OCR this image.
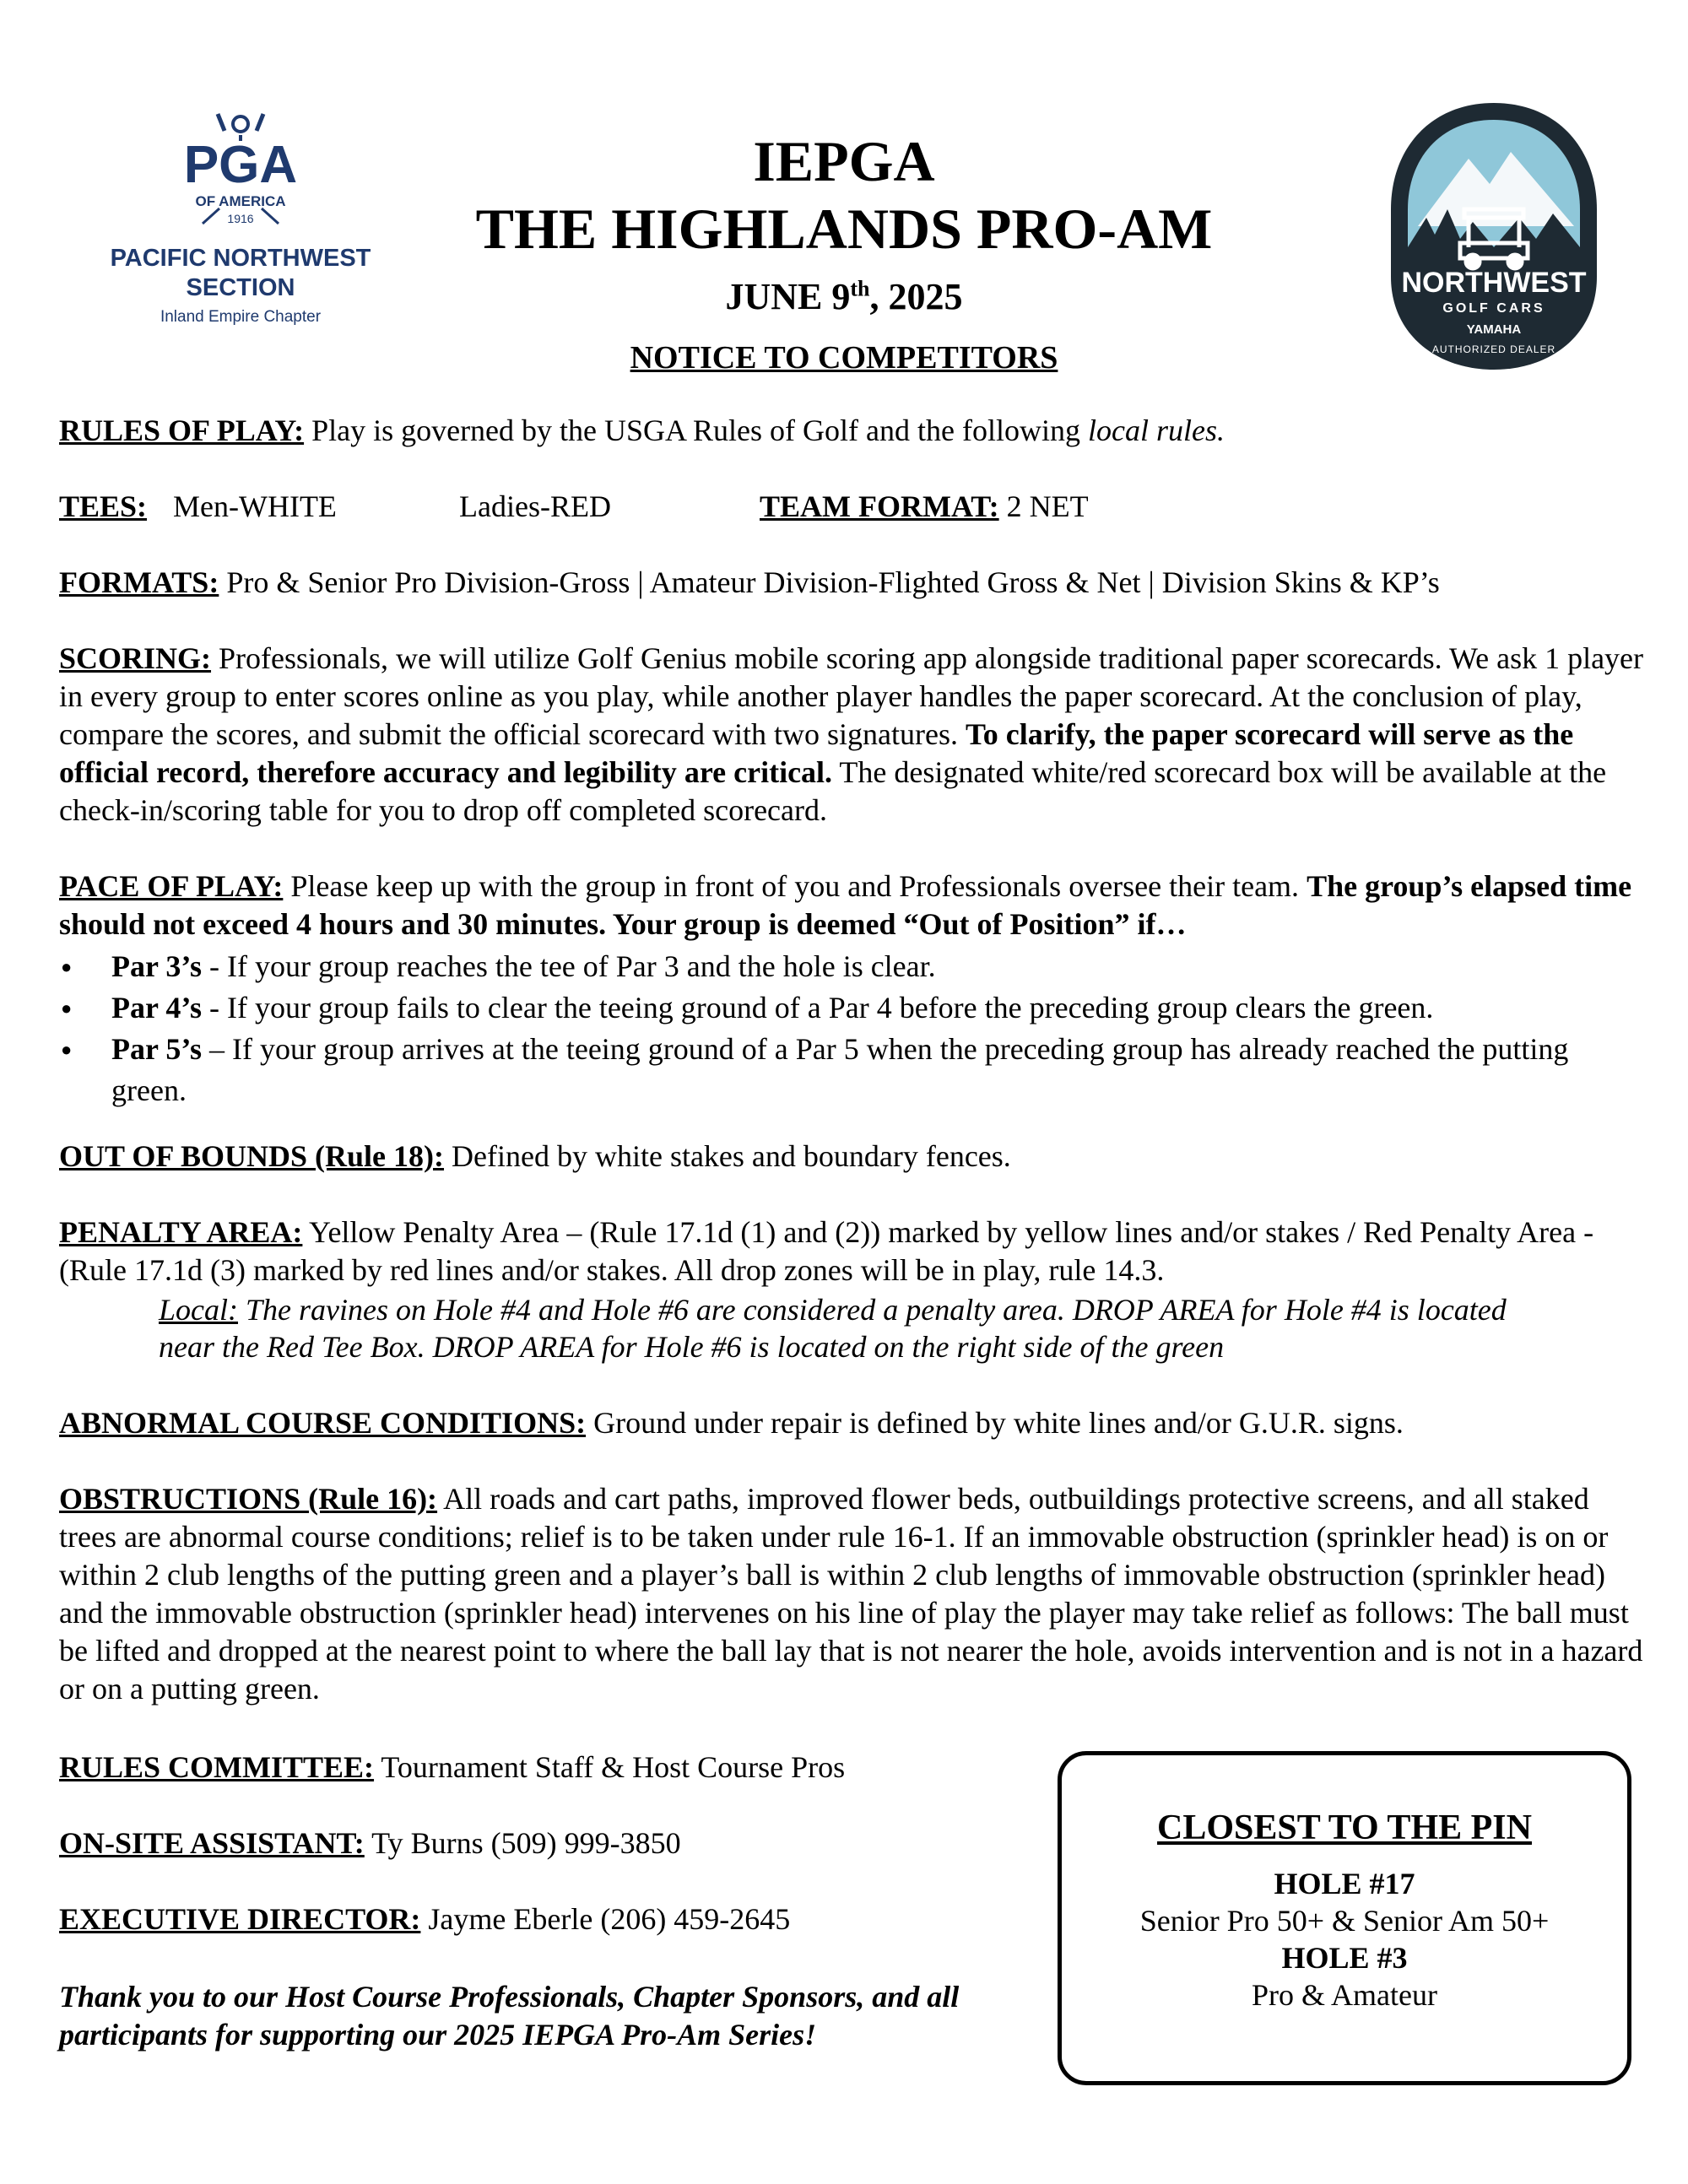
PGA
OF AMERICA
1916
PACIFIC NORTHWEST
SECTION
Inland Empire Chapter
NORTHWEST
GOLF CARS
YAMAHA
AUTHORIZED DEALER
IEPGA
THE HIGHLANDS PRO-AM
JUNE 9th, 2025
NOTICE TO COMPETITORS
RULES OF PLAY: Play is governed by the USGA Rules of Golf and the following local rules.
TEES: Men-WHITE	Ladies-RED	TEAM FORMAT: 2 NET
FORMATS: Pro & Senior Pro Division-Gross | Amateur Division-Flighted Gross & Net | Division Skins & KP’s
SCORING: Professionals, we will utilize Golf Genius mobile scoring app alongside traditional paper scorecards. We ask 1 player in every group to enter scores online as you play, while another player handles the paper scorecard. At the conclusion of play, compare the scores, and submit the official scorecard with two signatures. To clarify, the paper scorecard will serve as the official record, therefore accuracy and legibility are critical. The designated white/red scorecard box will be available at the check-in/scoring table for you to drop off completed scorecard.
PACE OF PLAY: Please keep up with the group in front of you and Professionals oversee their team. The group’s elapsed time should not exceed 4 hours and 30 minutes. Your group is deemed “Out of Position” if…
● Par 3’s - If your group reaches the tee of Par 3 and the hole is clear.
● Par 4’s - If your group fails to clear the teeing ground of a Par 4 before the preceding group clears the green.
● Par 5’s – If your group arrives at the teeing ground of a Par 5 when the preceding group has already reached the putting green.
OUT OF BOUNDS (Rule 18): Defined by white stakes and boundary fences.
PENALTY AREA: Yellow Penalty Area – (Rule 17.1d (1) and (2)) marked by yellow lines and/or stakes / Red Penalty Area - (Rule 17.1d (3) marked by red lines and/or stakes. All drop zones will be in play, rule 14.3.
Local: The ravines on Hole #4 and Hole #6 are considered a penalty area. DROP AREA for Hole #4 is located near the Red Tee Box. DROP AREA for Hole #6 is located on the right side of the green
ABNORMAL COURSE CONDITIONS: Ground under repair is defined by white lines and/or G.U.R. signs.
OBSTRUCTIONS (Rule 16): All roads and cart paths, improved flower beds, outbuildings protective screens, and all staked trees are abnormal course conditions; relief is to be taken under rule 16-1. If an immovable obstruction (sprinkler head) is on or within 2 club lengths of the putting green and a player’s ball is within 2 club lengths of immovable obstruction (sprinkler head) and the immovable obstruction (sprinkler head) intervenes on his line of play the player may take relief as follows: The ball must be lifted and dropped at the nearest point to where the ball lay that is not nearer the hole, avoids intervention and is not in a hazard or on a putting green.
RULES COMMITTEE: Tournament Staff & Host Course Pros
ON-SITE ASSISTANT: Ty Burns (509) 999-3850
EXECUTIVE DIRECTOR: Jayme Eberle (206) 459-2645
Thank you to our Host Course Professionals, Chapter Sponsors, and all participants for supporting our 2025 IEPGA Pro-Am Series!
CLOSEST TO THE PIN
HOLE #17
Senior Pro 50+ & Senior Am 50+
HOLE #3
Pro & Amateur
